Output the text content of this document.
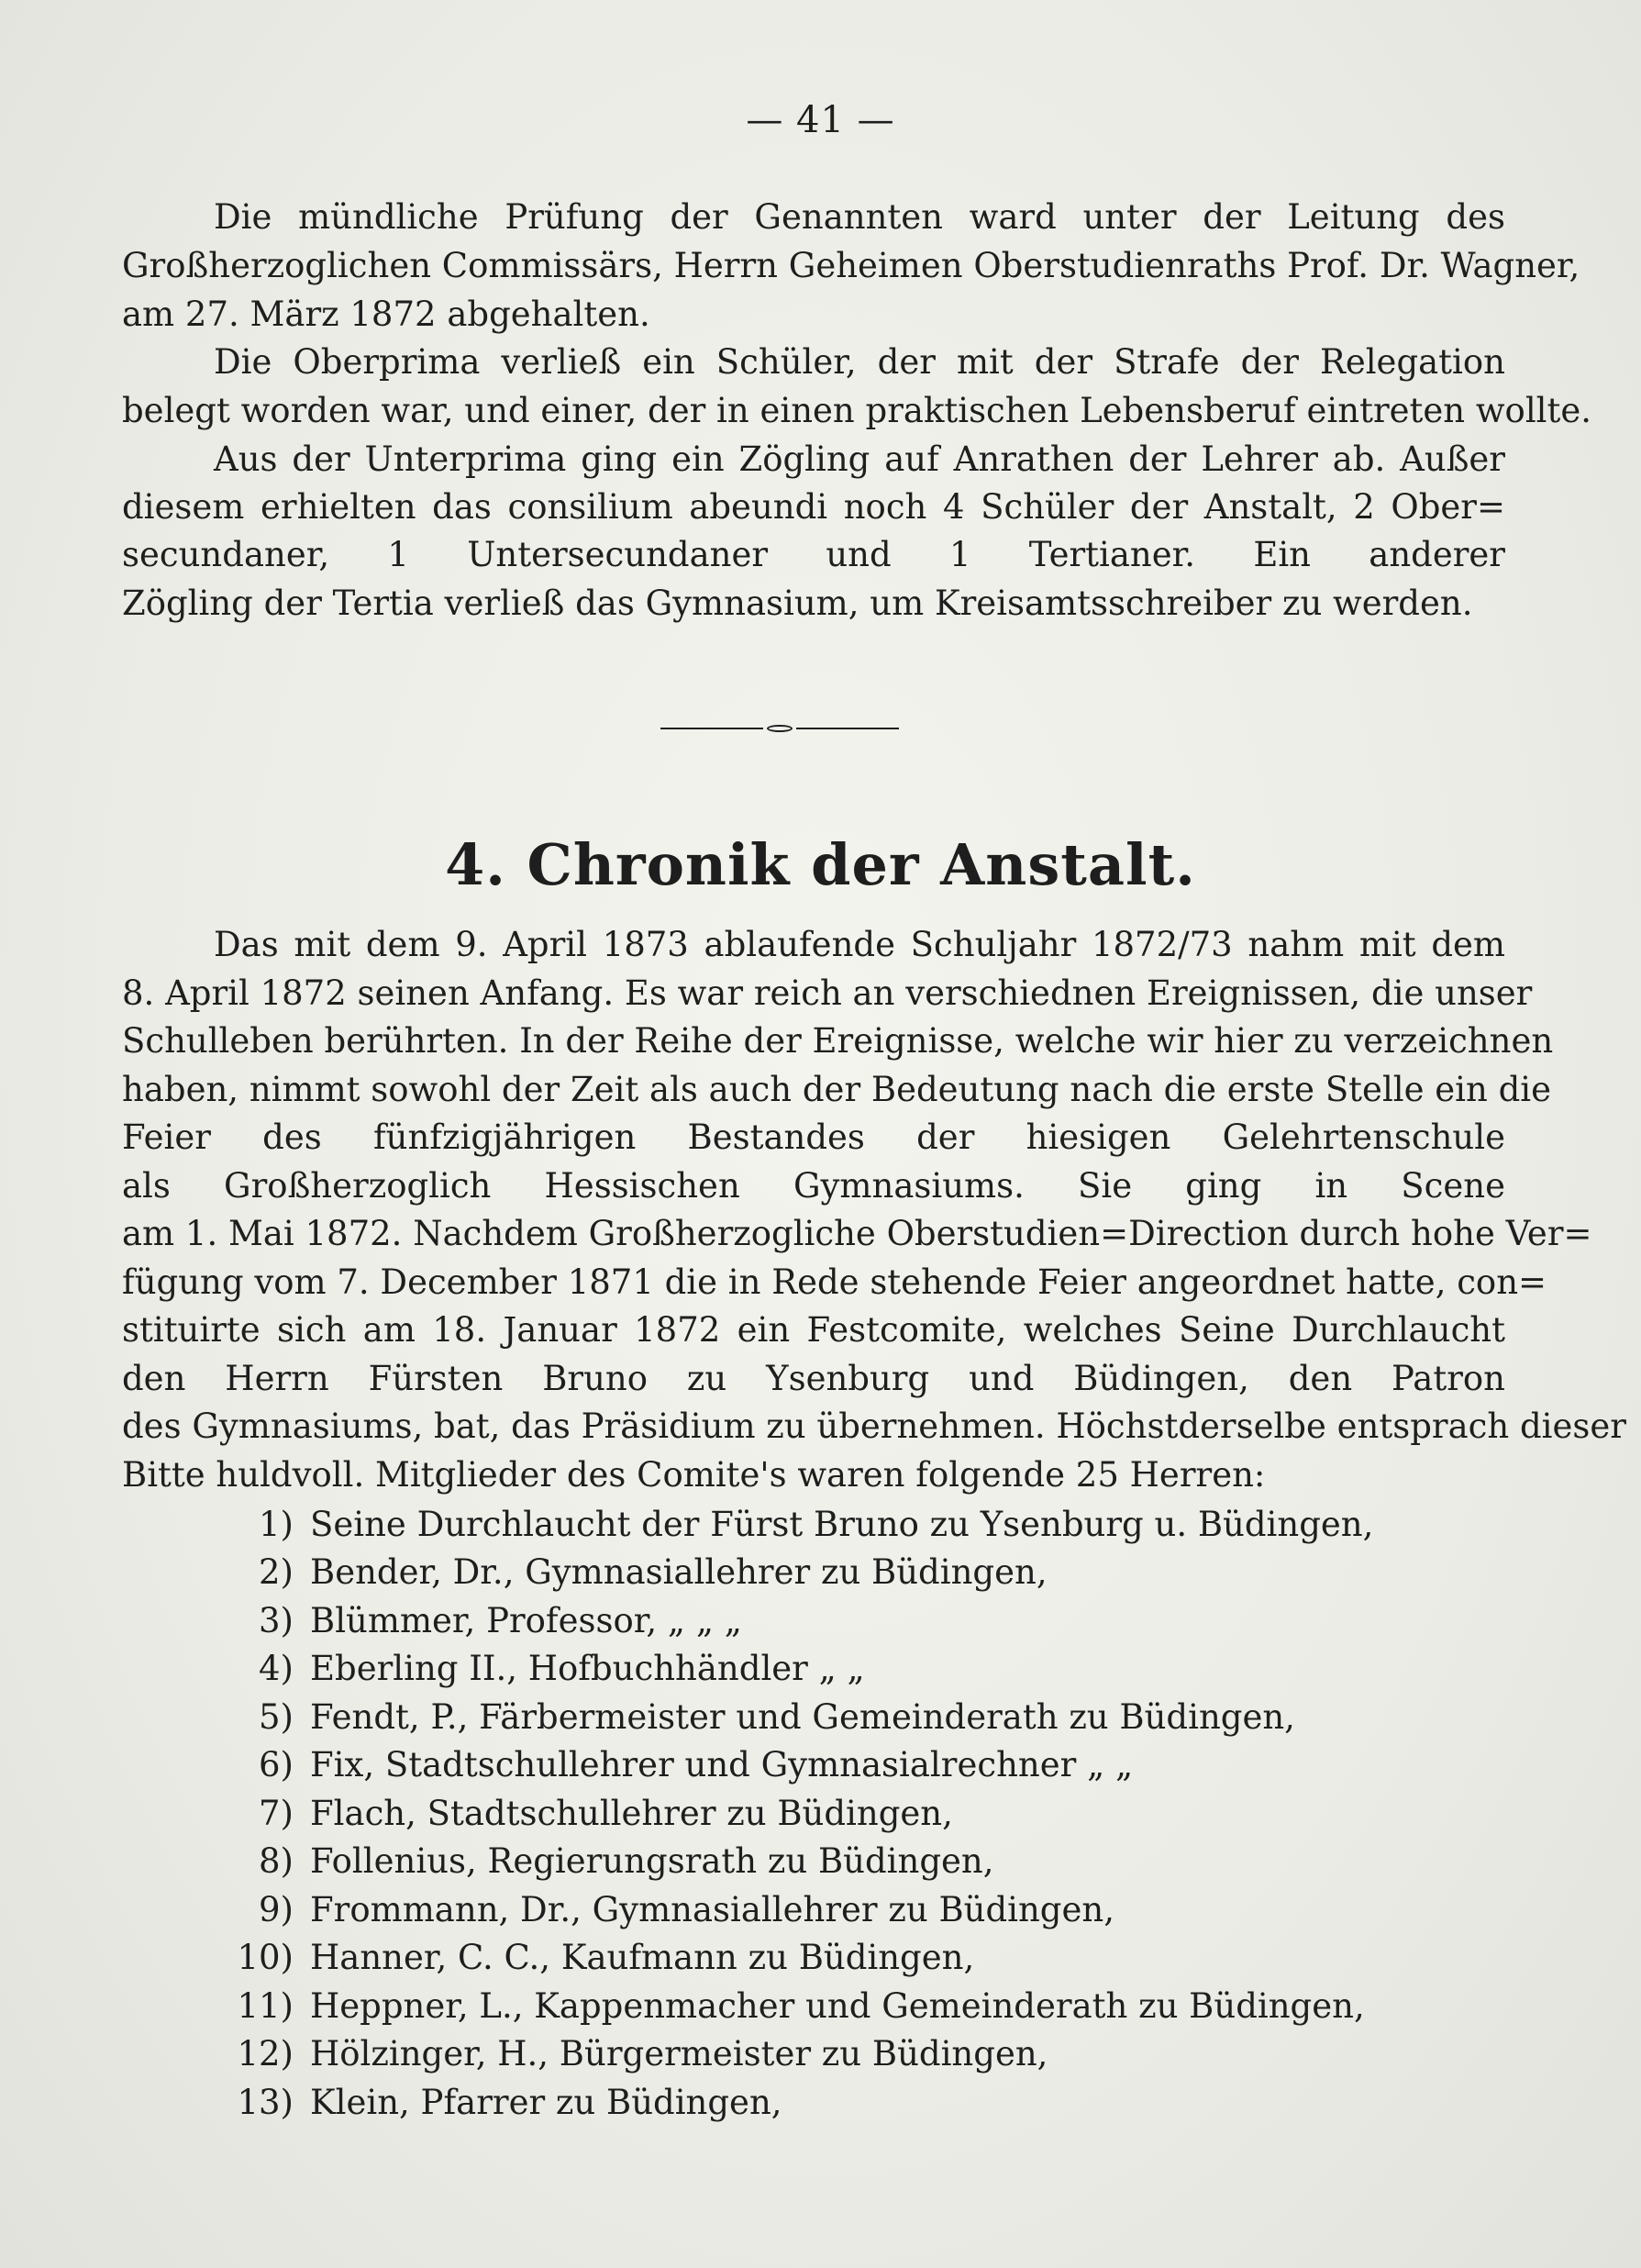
— 41 —
Die mündliche Prüfung der Genannten ward unter der Leitung des
Großherzoglichen Commissärs, Herrn Geheimen Oberstudienraths Prof. Dr. Wagner,
am 27. März 1872 abgehalten.
Die Oberprima verließ ein Schüler, der mit der Strafe der Relegation
belegt worden war, und einer, der in einen praktischen Lebensberuf eintreten wollte.
Aus der Unterprima ging ein Zögling auf Anrathen der Lehrer ab. Außer
diesem erhielten das consilium abeundi noch 4 Schüler der Anstalt, 2 Ober=
secundaner, 1 Untersecundaner und 1 Tertianer. Ein anderer
Zögling der Tertia verließ das Gymnasium, um Kreisamtsschreiber zu werden.
4. Chronik der Anstalt.
Das mit dem 9. April 1873 ablaufende Schuljahr 1872/73 nahm mit dem
8. April 1872 seinen Anfang. Es war reich an verschiednen Ereignissen, die unser
Schulleben berührten. In der Reihe der Ereignisse, welche wir hier zu verzeichnen
haben, nimmt sowohl der Zeit als auch der Bedeutung nach die erste Stelle ein die
Feier des fünfzigjährigen Bestandes der hiesigen Gelehrtenschule
als Großherzoglich Hessischen Gymnasiums. Sie ging in Scene
am 1. Mai 1872. Nachdem Großherzogliche Oberstudien=Direction durch hohe Ver=
fügung vom 7. December 1871 die in Rede stehende Feier angeordnet hatte, con=
stituirte sich am 18. Januar 1872 ein Festcomite, welches Seine Durchlaucht
den Herrn Fürsten Bruno zu Ysenburg und Büdingen, den Patron
des Gymnasiums, bat, das Präsidium zu übernehmen. Höchstderselbe entsprach dieser
Bitte huldvoll. Mitglieder des Comite's waren folgende 25 Herren:
1) Seine Durchlaucht der Fürst Bruno zu Ysenburg u. Büdingen,
2) Bender, Dr., Gymnasiallehrer zu Büdingen,
3) Blümmer, Professor, „ „ „
4) Eberling II., Hofbuchhändler „ „
5) Fendt, P., Färbermeister und Gemeinderath zu Büdingen,
6) Fix, Stadtschullehrer und Gymnasialrechner „ „
7) Flach, Stadtschullehrer zu Büdingen,
8) Follenius, Regierungsrath zu Büdingen,
9) Frommann, Dr., Gymnasiallehrer zu Büdingen,
10) Hanner, C. C., Kaufmann zu Büdingen,
11) Heppner, L., Kappenmacher und Gemeinderath zu Büdingen,
12) Hölzinger, H., Bürgermeister zu Büdingen,
13) Klein, Pfarrer zu Büdingen,
